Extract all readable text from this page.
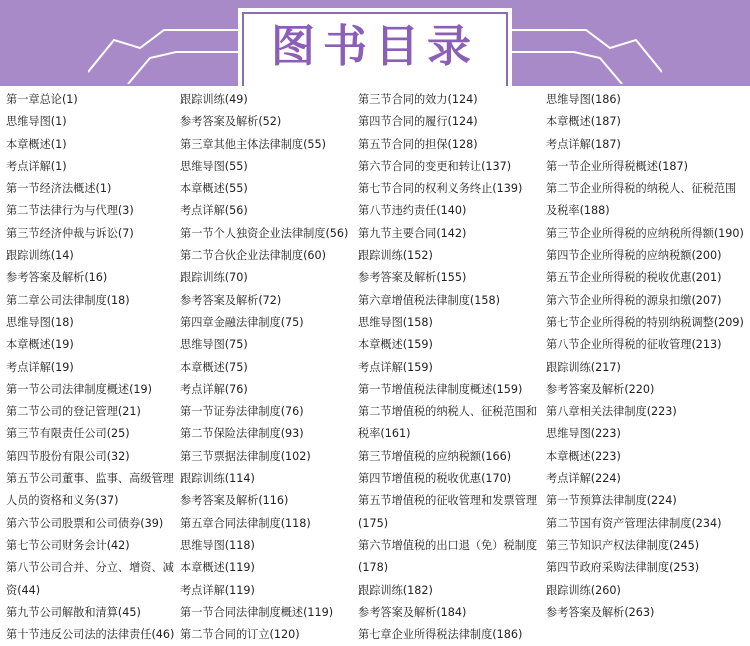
图书目录
第一章总论(1)
思维导图(1)
本章概述(1)
考点详解(1)
第一节经济法概述(1)
第二节法律行为与代理(3)
第三节经济仲裁与诉讼(7)
跟踪训练(14)
参考答案及解析(16)
第二章公司法律制度(18)
思维导图(18)
本章概述(19)
考点详解(19)
第一节公司法律制度概述(19)
第二节公司的登记管理(21)
第三节有限责任公司(25)
第四节股份有限公司(32)
第五节公司董事、监事、高级管理人员的资格和义务(37)
第六节公司股票和公司债券(39)
第七节公司财务会计(42)
第八节公司合并、分立、增资、减资(44)
第九节公司解散和清算(45)
第十节违反公司法的法律责任(46)
跟踪训练(49)
参考答案及解析(52)
第三章其他主体法律制度(55)
思维导图(55)
本章概述(55)
考点详解(56)
第一节个人独资企业法律制度(56)
第二节合伙企业法律制度(60)
跟踪训练(70)
参考答案及解析(72)
第四章金融法律制度(75)
思维导图(75)
本章概述(75)
考点详解(76)
第一节证券法律制度(76)
第二节保险法律制度(93)
第三节票据法律制度(102)
跟踪训练(114)
参考答案及解析(116)
第五章合同法律制度(118)
思维导图(118)
本章概述(119)
考点详解(119)
第一节合同法律制度概述(119)
第二节合同的订立(120)
第三节合同的效力(124)
第四节合同的履行(124)
第五节合同的担保(128)
第六节合同的变更和转让(137)
第七节合同的权利义务终止(139)
第八节违约责任(140)
第九节主要合同(142)
跟踪训练(152)
参考答案及解析(155)
第六章增值税法律制度(158)
思维导图(158)
本章概述(159)
考点详解(159)
第一节增值税法律制度概述(159)
第二节增值税的纳税人、征税范围和税率(161)
第三节增值税的应纳税额(166)
第四节增值税的税收优惠(170)
第五节增值税的征收管理和发票管理(175)
第六节增值税的出口退（免）税制度(178)
跟踪训练(182)
参考答案及解析(184)
第七章企业所得税法律制度(186)
思维导图(186)
本章概述(187)
考点详解(187)
第一节企业所得税概述(187)
第二节企业所得税的纳税人、征税范围及税率(188)
第三节企业所得税的应纳税所得额(190)
第四节企业所得税的应纳税额(200)
第五节企业所得税的税收优惠(201)
第六节企业所得税的源泉扣缴(207)
第七节企业所得税的特别纳税调整(209)
第八节企业所得税的征收管理(213)
跟踪训练(217)
参考答案及解析(220)
第八章相关法律制度(223)
思维导图(223)
本章概述(223)
考点详解(224)
第一节预算法律制度(224)
第二节国有资产管理法律制度(234)
第三节知识产权法律制度(245)
第四节政府采购法律制度(253)
跟踪训练(260)
参考答案及解析(263)
